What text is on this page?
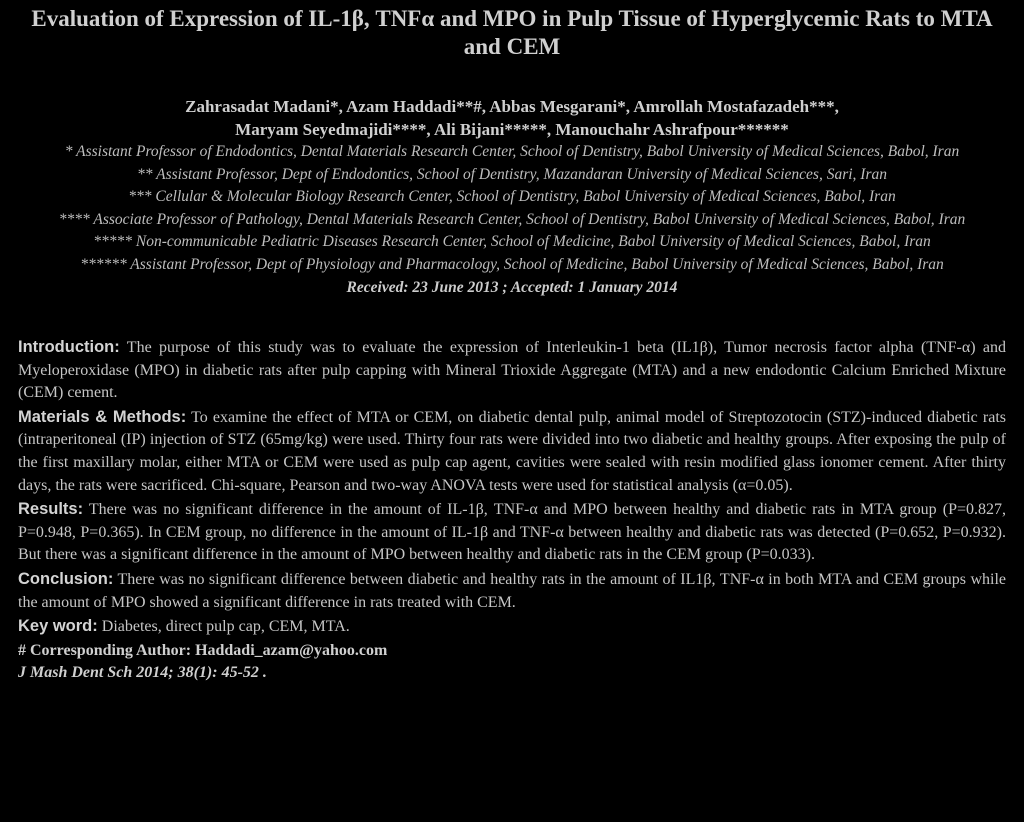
Evaluation of Expression of IL-1β, TNFα and MPO in Pulp Tissue of Hyperglycemic Rats to MTA and CEM
Zahrasadat Madani*, Azam Haddadi**#, Abbas Mesgarani*, Amrollah Mostafazadeh***,
Maryam Seyedmajidi****, Ali Bijani*****, Manouchahr Ashrafpour******
* Assistant Professor of Endodontics, Dental Materials Research Center, School of Dentistry, Babol University of Medical Sciences, Babol, Iran
** Assistant Professor, Dept of Endodontics, School of Dentistry, Mazandaran University of Medical Sciences, Sari, Iran
*** Cellular & Molecular Biology Research Center, School of Dentistry, Babol University of Medical Sciences, Babol, Iran
**** Associate Professor of Pathology, Dental Materials Research Center, School of Dentistry, Babol University of Medical Sciences, Babol, Iran
***** Non-communicable Pediatric Diseases Research Center, School of Medicine, Babol University of Medical Sciences, Babol, Iran
****** Assistant Professor, Dept of Physiology and Pharmacology, School of Medicine, Babol University of Medical Sciences, Babol, Iran
Received: 23 June 2013 ; Accepted: 1 January 2014

Introduction: The purpose of this study was to evaluate the expression of Interleukin-1 beta (IL1β), Tumor necrosis factor alpha (TNF-α) and Myeloperoxidase (MPO) in diabetic rats after pulp capping with Mineral Trioxide Aggregate (MTA) and a new endodontic Calcium Enriched Mixture (CEM) cement.

Materials & Methods: To examine the effect of MTA or CEM, on diabetic dental pulp, animal model of Streptozotocin (STZ)-induced diabetic rats (intraperitoneal (IP) injection of STZ (65mg/kg) were used. Thirty four rats were divided into two diabetic and healthy groups. After exposing the pulp of the first maxillary molar, either MTA or CEM were used as pulp cap agent, cavities were sealed with resin modified glass ionomer cement. After thirty days, the rats were sacrificed. Chi-square, Pearson and two-way ANOVA tests were used for statistical analysis (α=0.05).

Results: There was no significant difference in the amount of IL-1β, TNF-α and MPO between healthy and diabetic rats in MTA group (P=0.827, P=0.948, P=0.365). In CEM group, no difference in the amount of IL-1β and TNF-α between healthy and diabetic rats was detected (P=0.652, P=0.932). But there was a significant difference in the amount of MPO between healthy and diabetic rats in the CEM group (P=0.033).

Conclusion: There was no significant difference between diabetic and healthy rats in the amount of IL1β, TNF-α in both MTA and CEM groups while the amount of MPO showed a significant difference in rats treated with CEM.

Key word: Diabetes, direct pulp cap, CEM, MTA.

# Corresponding Author: Haddadi_azam@yahoo.com

J Mash Dent Sch 2014; 38(1): 45-52 .
